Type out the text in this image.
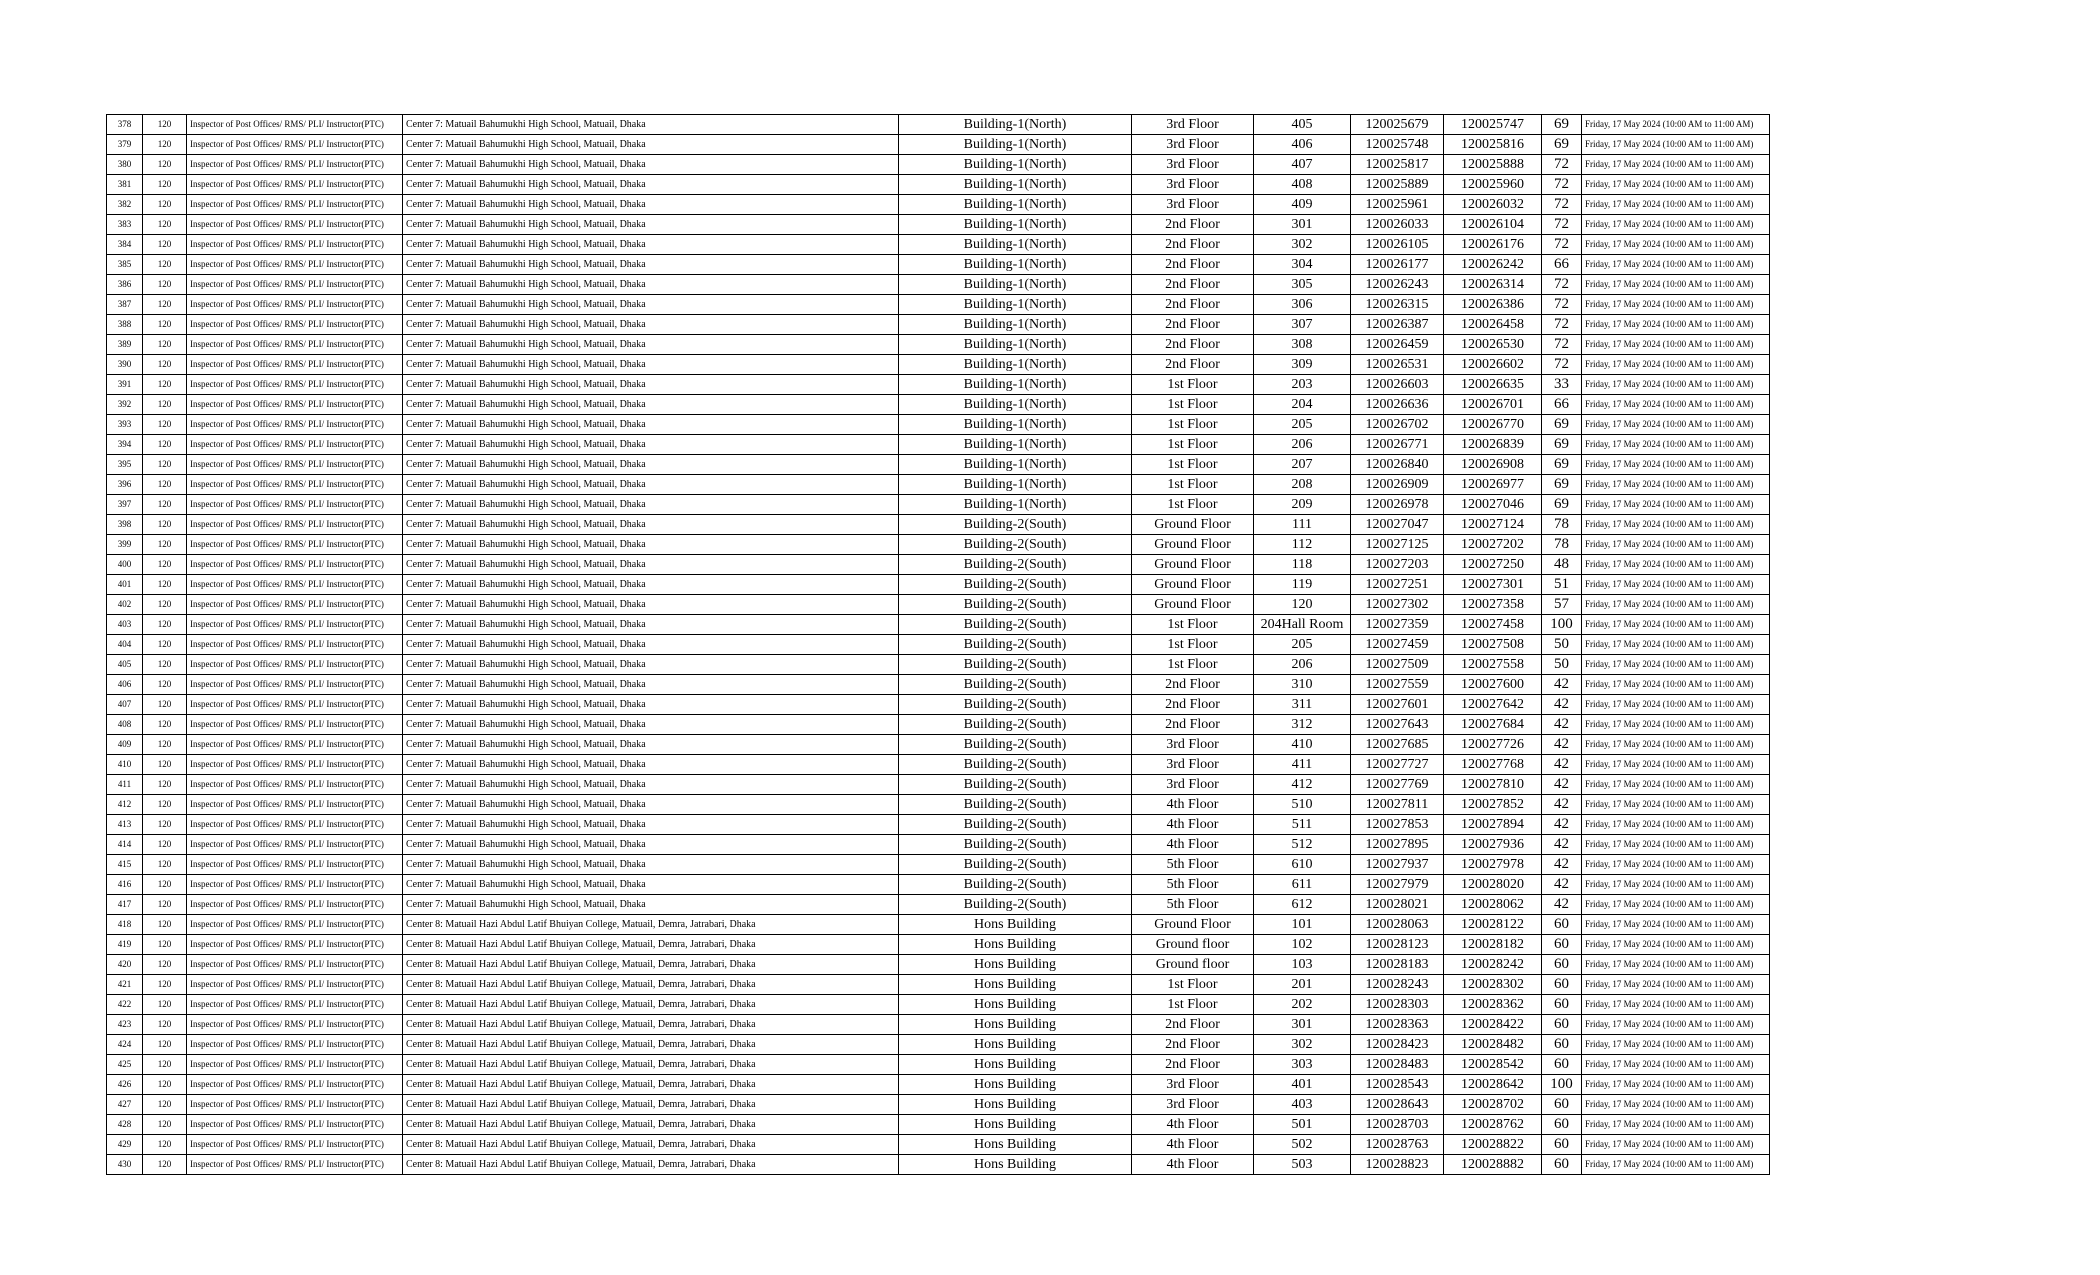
378	120	Inspector of Post Offices/ RMS/ PLI/ Instructor(PTC)	Center 7: Matuail Bahumukhi High School, Matuail, Dhaka	Building-1(North)	3rd Floor	405	120025679	120025747	69	Friday, 17 May 2024 (10:00 AM to 11:00 AM)
379	120	Inspector of Post Offices/ RMS/ PLI/ Instructor(PTC)	Center 7: Matuail Bahumukhi High School, Matuail, Dhaka	Building-1(North)	3rd Floor	406	120025748	120025816	69	Friday, 17 May 2024 (10:00 AM to 11:00 AM)
380	120	Inspector of Post Offices/ RMS/ PLI/ Instructor(PTC)	Center 7: Matuail Bahumukhi High School, Matuail, Dhaka	Building-1(North)	3rd Floor	407	120025817	120025888	72	Friday, 17 May 2024 (10:00 AM to 11:00 AM)
381	120	Inspector of Post Offices/ RMS/ PLI/ Instructor(PTC)	Center 7: Matuail Bahumukhi High School, Matuail, Dhaka	Building-1(North)	3rd Floor	408	120025889	120025960	72	Friday, 17 May 2024 (10:00 AM to 11:00 AM)
382	120	Inspector of Post Offices/ RMS/ PLI/ Instructor(PTC)	Center 7: Matuail Bahumukhi High School, Matuail, Dhaka	Building-1(North)	3rd Floor	409	120025961	120026032	72	Friday, 17 May 2024 (10:00 AM to 11:00 AM)
383	120	Inspector of Post Offices/ RMS/ PLI/ Instructor(PTC)	Center 7: Matuail Bahumukhi High School, Matuail, Dhaka	Building-1(North)	2nd Floor	301	120026033	120026104	72	Friday, 17 May 2024 (10:00 AM to 11:00 AM)
384	120	Inspector of Post Offices/ RMS/ PLI/ Instructor(PTC)	Center 7: Matuail Bahumukhi High School, Matuail, Dhaka	Building-1(North)	2nd Floor	302	120026105	120026176	72	Friday, 17 May 2024 (10:00 AM to 11:00 AM)
385	120	Inspector of Post Offices/ RMS/ PLI/ Instructor(PTC)	Center 7: Matuail Bahumukhi High School, Matuail, Dhaka	Building-1(North)	2nd Floor	304	120026177	120026242	66	Friday, 17 May 2024 (10:00 AM to 11:00 AM)
386	120	Inspector of Post Offices/ RMS/ PLI/ Instructor(PTC)	Center 7: Matuail Bahumukhi High School, Matuail, Dhaka	Building-1(North)	2nd Floor	305	120026243	120026314	72	Friday, 17 May 2024 (10:00 AM to 11:00 AM)
387	120	Inspector of Post Offices/ RMS/ PLI/ Instructor(PTC)	Center 7: Matuail Bahumukhi High School, Matuail, Dhaka	Building-1(North)	2nd Floor	306	120026315	120026386	72	Friday, 17 May 2024 (10:00 AM to 11:00 AM)
388	120	Inspector of Post Offices/ RMS/ PLI/ Instructor(PTC)	Center 7: Matuail Bahumukhi High School, Matuail, Dhaka	Building-1(North)	2nd Floor	307	120026387	120026458	72	Friday, 17 May 2024 (10:00 AM to 11:00 AM)
389	120	Inspector of Post Offices/ RMS/ PLI/ Instructor(PTC)	Center 7: Matuail Bahumukhi High School, Matuail, Dhaka	Building-1(North)	2nd Floor	308	120026459	120026530	72	Friday, 17 May 2024 (10:00 AM to 11:00 AM)
390	120	Inspector of Post Offices/ RMS/ PLI/ Instructor(PTC)	Center 7: Matuail Bahumukhi High School, Matuail, Dhaka	Building-1(North)	2nd Floor	309	120026531	120026602	72	Friday, 17 May 2024 (10:00 AM to 11:00 AM)
391	120	Inspector of Post Offices/ RMS/ PLI/ Instructor(PTC)	Center 7: Matuail Bahumukhi High School, Matuail, Dhaka	Building-1(North)	1st Floor	203	120026603	120026635	33	Friday, 17 May 2024 (10:00 AM to 11:00 AM)
392	120	Inspector of Post Offices/ RMS/ PLI/ Instructor(PTC)	Center 7: Matuail Bahumukhi High School, Matuail, Dhaka	Building-1(North)	1st Floor	204	120026636	120026701	66	Friday, 17 May 2024 (10:00 AM to 11:00 AM)
393	120	Inspector of Post Offices/ RMS/ PLI/ Instructor(PTC)	Center 7: Matuail Bahumukhi High School, Matuail, Dhaka	Building-1(North)	1st Floor	205	120026702	120026770	69	Friday, 17 May 2024 (10:00 AM to 11:00 AM)
394	120	Inspector of Post Offices/ RMS/ PLI/ Instructor(PTC)	Center 7: Matuail Bahumukhi High School, Matuail, Dhaka	Building-1(North)	1st Floor	206	120026771	120026839	69	Friday, 17 May 2024 (10:00 AM to 11:00 AM)
395	120	Inspector of Post Offices/ RMS/ PLI/ Instructor(PTC)	Center 7: Matuail Bahumukhi High School, Matuail, Dhaka	Building-1(North)	1st Floor	207	120026840	120026908	69	Friday, 17 May 2024 (10:00 AM to 11:00 AM)
396	120	Inspector of Post Offices/ RMS/ PLI/ Instructor(PTC)	Center 7: Matuail Bahumukhi High School, Matuail, Dhaka	Building-1(North)	1st Floor	208	120026909	120026977	69	Friday, 17 May 2024 (10:00 AM to 11:00 AM)
397	120	Inspector of Post Offices/ RMS/ PLI/ Instructor(PTC)	Center 7: Matuail Bahumukhi High School, Matuail, Dhaka	Building-1(North)	1st Floor	209	120026978	120027046	69	Friday, 17 May 2024 (10:00 AM to 11:00 AM)
398	120	Inspector of Post Offices/ RMS/ PLI/ Instructor(PTC)	Center 7: Matuail Bahumukhi High School, Matuail, Dhaka	Building-2(South)	Ground Floor	111	120027047	120027124	78	Friday, 17 May 2024 (10:00 AM to 11:00 AM)
399	120	Inspector of Post Offices/ RMS/ PLI/ Instructor(PTC)	Center 7: Matuail Bahumukhi High School, Matuail, Dhaka	Building-2(South)	Ground Floor	112	120027125	120027202	78	Friday, 17 May 2024 (10:00 AM to 11:00 AM)
400	120	Inspector of Post Offices/ RMS/ PLI/ Instructor(PTC)	Center 7: Matuail Bahumukhi High School, Matuail, Dhaka	Building-2(South)	Ground Floor	118	120027203	120027250	48	Friday, 17 May 2024 (10:00 AM to 11:00 AM)
401	120	Inspector of Post Offices/ RMS/ PLI/ Instructor(PTC)	Center 7: Matuail Bahumukhi High School, Matuail, Dhaka	Building-2(South)	Ground Floor	119	120027251	120027301	51	Friday, 17 May 2024 (10:00 AM to 11:00 AM)
402	120	Inspector of Post Offices/ RMS/ PLI/ Instructor(PTC)	Center 7: Matuail Bahumukhi High School, Matuail, Dhaka	Building-2(South)	Ground Floor	120	120027302	120027358	57	Friday, 17 May 2024 (10:00 AM to 11:00 AM)
403	120	Inspector of Post Offices/ RMS/ PLI/ Instructor(PTC)	Center 7: Matuail Bahumukhi High School, Matuail, Dhaka	Building-2(South)	1st Floor	204Hall Room	120027359	120027458	100	Friday, 17 May 2024 (10:00 AM to 11:00 AM)
404	120	Inspector of Post Offices/ RMS/ PLI/ Instructor(PTC)	Center 7: Matuail Bahumukhi High School, Matuail, Dhaka	Building-2(South)	1st Floor	205	120027459	120027508	50	Friday, 17 May 2024 (10:00 AM to 11:00 AM)
405	120	Inspector of Post Offices/ RMS/ PLI/ Instructor(PTC)	Center 7: Matuail Bahumukhi High School, Matuail, Dhaka	Building-2(South)	1st Floor	206	120027509	120027558	50	Friday, 17 May 2024 (10:00 AM to 11:00 AM)
406	120	Inspector of Post Offices/ RMS/ PLI/ Instructor(PTC)	Center 7: Matuail Bahumukhi High School, Matuail, Dhaka	Building-2(South)	2nd Floor	310	120027559	120027600	42	Friday, 17 May 2024 (10:00 AM to 11:00 AM)
407	120	Inspector of Post Offices/ RMS/ PLI/ Instructor(PTC)	Center 7: Matuail Bahumukhi High School, Matuail, Dhaka	Building-2(South)	2nd Floor	311	120027601	120027642	42	Friday, 17 May 2024 (10:00 AM to 11:00 AM)
408	120	Inspector of Post Offices/ RMS/ PLI/ Instructor(PTC)	Center 7: Matuail Bahumukhi High School, Matuail, Dhaka	Building-2(South)	2nd Floor	312	120027643	120027684	42	Friday, 17 May 2024 (10:00 AM to 11:00 AM)
409	120	Inspector of Post Offices/ RMS/ PLI/ Instructor(PTC)	Center 7: Matuail Bahumukhi High School, Matuail, Dhaka	Building-2(South)	3rd Floor	410	120027685	120027726	42	Friday, 17 May 2024 (10:00 AM to 11:00 AM)
410	120	Inspector of Post Offices/ RMS/ PLI/ Instructor(PTC)	Center 7: Matuail Bahumukhi High School, Matuail, Dhaka	Building-2(South)	3rd Floor	411	120027727	120027768	42	Friday, 17 May 2024 (10:00 AM to 11:00 AM)
411	120	Inspector of Post Offices/ RMS/ PLI/ Instructor(PTC)	Center 7: Matuail Bahumukhi High School, Matuail, Dhaka	Building-2(South)	3rd Floor	412	120027769	120027810	42	Friday, 17 May 2024 (10:00 AM to 11:00 AM)
412	120	Inspector of Post Offices/ RMS/ PLI/ Instructor(PTC)	Center 7: Matuail Bahumukhi High School, Matuail, Dhaka	Building-2(South)	4th Floor	510	120027811	120027852	42	Friday, 17 May 2024 (10:00 AM to 11:00 AM)
413	120	Inspector of Post Offices/ RMS/ PLI/ Instructor(PTC)	Center 7: Matuail Bahumukhi High School, Matuail, Dhaka	Building-2(South)	4th Floor	511	120027853	120027894	42	Friday, 17 May 2024 (10:00 AM to 11:00 AM)
414	120	Inspector of Post Offices/ RMS/ PLI/ Instructor(PTC)	Center 7: Matuail Bahumukhi High School, Matuail, Dhaka	Building-2(South)	4th Floor	512	120027895	120027936	42	Friday, 17 May 2024 (10:00 AM to 11:00 AM)
415	120	Inspector of Post Offices/ RMS/ PLI/ Instructor(PTC)	Center 7: Matuail Bahumukhi High School, Matuail, Dhaka	Building-2(South)	5th Floor	610	120027937	120027978	42	Friday, 17 May 2024 (10:00 AM to 11:00 AM)
416	120	Inspector of Post Offices/ RMS/ PLI/ Instructor(PTC)	Center 7: Matuail Bahumukhi High School, Matuail, Dhaka	Building-2(South)	5th Floor	611	120027979	120028020	42	Friday, 17 May 2024 (10:00 AM to 11:00 AM)
417	120	Inspector of Post Offices/ RMS/ PLI/ Instructor(PTC)	Center 7: Matuail Bahumukhi High School, Matuail, Dhaka	Building-2(South)	5th Floor	612	120028021	120028062	42	Friday, 17 May 2024 (10:00 AM to 11:00 AM)
418	120	Inspector of Post Offices/ RMS/ PLI/ Instructor(PTC)	Center 8: Matuail Hazi Abdul Latif Bhuiyan College, Matuail, Demra, Jatrabari, Dhaka	Hons Building	Ground Floor	101	120028063	120028122	60	Friday, 17 May 2024 (10:00 AM to 11:00 AM)
419	120	Inspector of Post Offices/ RMS/ PLI/ Instructor(PTC)	Center 8: Matuail Hazi Abdul Latif Bhuiyan College, Matuail, Demra, Jatrabari, Dhaka	Hons Building	Ground floor	102	120028123	120028182	60	Friday, 17 May 2024 (10:00 AM to 11:00 AM)
420	120	Inspector of Post Offices/ RMS/ PLI/ Instructor(PTC)	Center 8: Matuail Hazi Abdul Latif Bhuiyan College, Matuail, Demra, Jatrabari, Dhaka	Hons Building	Ground floor	103	120028183	120028242	60	Friday, 17 May 2024 (10:00 AM to 11:00 AM)
421	120	Inspector of Post Offices/ RMS/ PLI/ Instructor(PTC)	Center 8: Matuail Hazi Abdul Latif Bhuiyan College, Matuail, Demra, Jatrabari, Dhaka	Hons Building	1st Floor	201	120028243	120028302	60	Friday, 17 May 2024 (10:00 AM to 11:00 AM)
422	120	Inspector of Post Offices/ RMS/ PLI/ Instructor(PTC)	Center 8: Matuail Hazi Abdul Latif Bhuiyan College, Matuail, Demra, Jatrabari, Dhaka	Hons Building	1st Floor	202	120028303	120028362	60	Friday, 17 May 2024 (10:00 AM to 11:00 AM)
423	120	Inspector of Post Offices/ RMS/ PLI/ Instructor(PTC)	Center 8: Matuail Hazi Abdul Latif Bhuiyan College, Matuail, Demra, Jatrabari, Dhaka	Hons Building	2nd Floor	301	120028363	120028422	60	Friday, 17 May 2024 (10:00 AM to 11:00 AM)
424	120	Inspector of Post Offices/ RMS/ PLI/ Instructor(PTC)	Center 8: Matuail Hazi Abdul Latif Bhuiyan College, Matuail, Demra, Jatrabari, Dhaka	Hons Building	2nd Floor	302	120028423	120028482	60	Friday, 17 May 2024 (10:00 AM to 11:00 AM)
425	120	Inspector of Post Offices/ RMS/ PLI/ Instructor(PTC)	Center 8: Matuail Hazi Abdul Latif Bhuiyan College, Matuail, Demra, Jatrabari, Dhaka	Hons Building	2nd Floor	303	120028483	120028542	60	Friday, 17 May 2024 (10:00 AM to 11:00 AM)
426	120	Inspector of Post Offices/ RMS/ PLI/ Instructor(PTC)	Center 8: Matuail Hazi Abdul Latif Bhuiyan College, Matuail, Demra, Jatrabari, Dhaka	Hons Building	3rd Floor	401	120028543	120028642	100	Friday, 17 May 2024 (10:00 AM to 11:00 AM)
427	120	Inspector of Post Offices/ RMS/ PLI/ Instructor(PTC)	Center 8: Matuail Hazi Abdul Latif Bhuiyan College, Matuail, Demra, Jatrabari, Dhaka	Hons Building	3rd Floor	403	120028643	120028702	60	Friday, 17 May 2024 (10:00 AM to 11:00 AM)
428	120	Inspector of Post Offices/ RMS/ PLI/ Instructor(PTC)	Center 8: Matuail Hazi Abdul Latif Bhuiyan College, Matuail, Demra, Jatrabari, Dhaka	Hons Building	4th Floor	501	120028703	120028762	60	Friday, 17 May 2024 (10:00 AM to 11:00 AM)
429	120	Inspector of Post Offices/ RMS/ PLI/ Instructor(PTC)	Center 8: Matuail Hazi Abdul Latif Bhuiyan College, Matuail, Demra, Jatrabari, Dhaka	Hons Building	4th Floor	502	120028763	120028822	60	Friday, 17 May 2024 (10:00 AM to 11:00 AM)
430	120	Inspector of Post Offices/ RMS/ PLI/ Instructor(PTC)	Center 8: Matuail Hazi Abdul Latif Bhuiyan College, Matuail, Demra, Jatrabari, Dhaka	Hons Building	4th Floor	503	120028823	120028882	60	Friday, 17 May 2024 (10:00 AM to 11:00 AM)
